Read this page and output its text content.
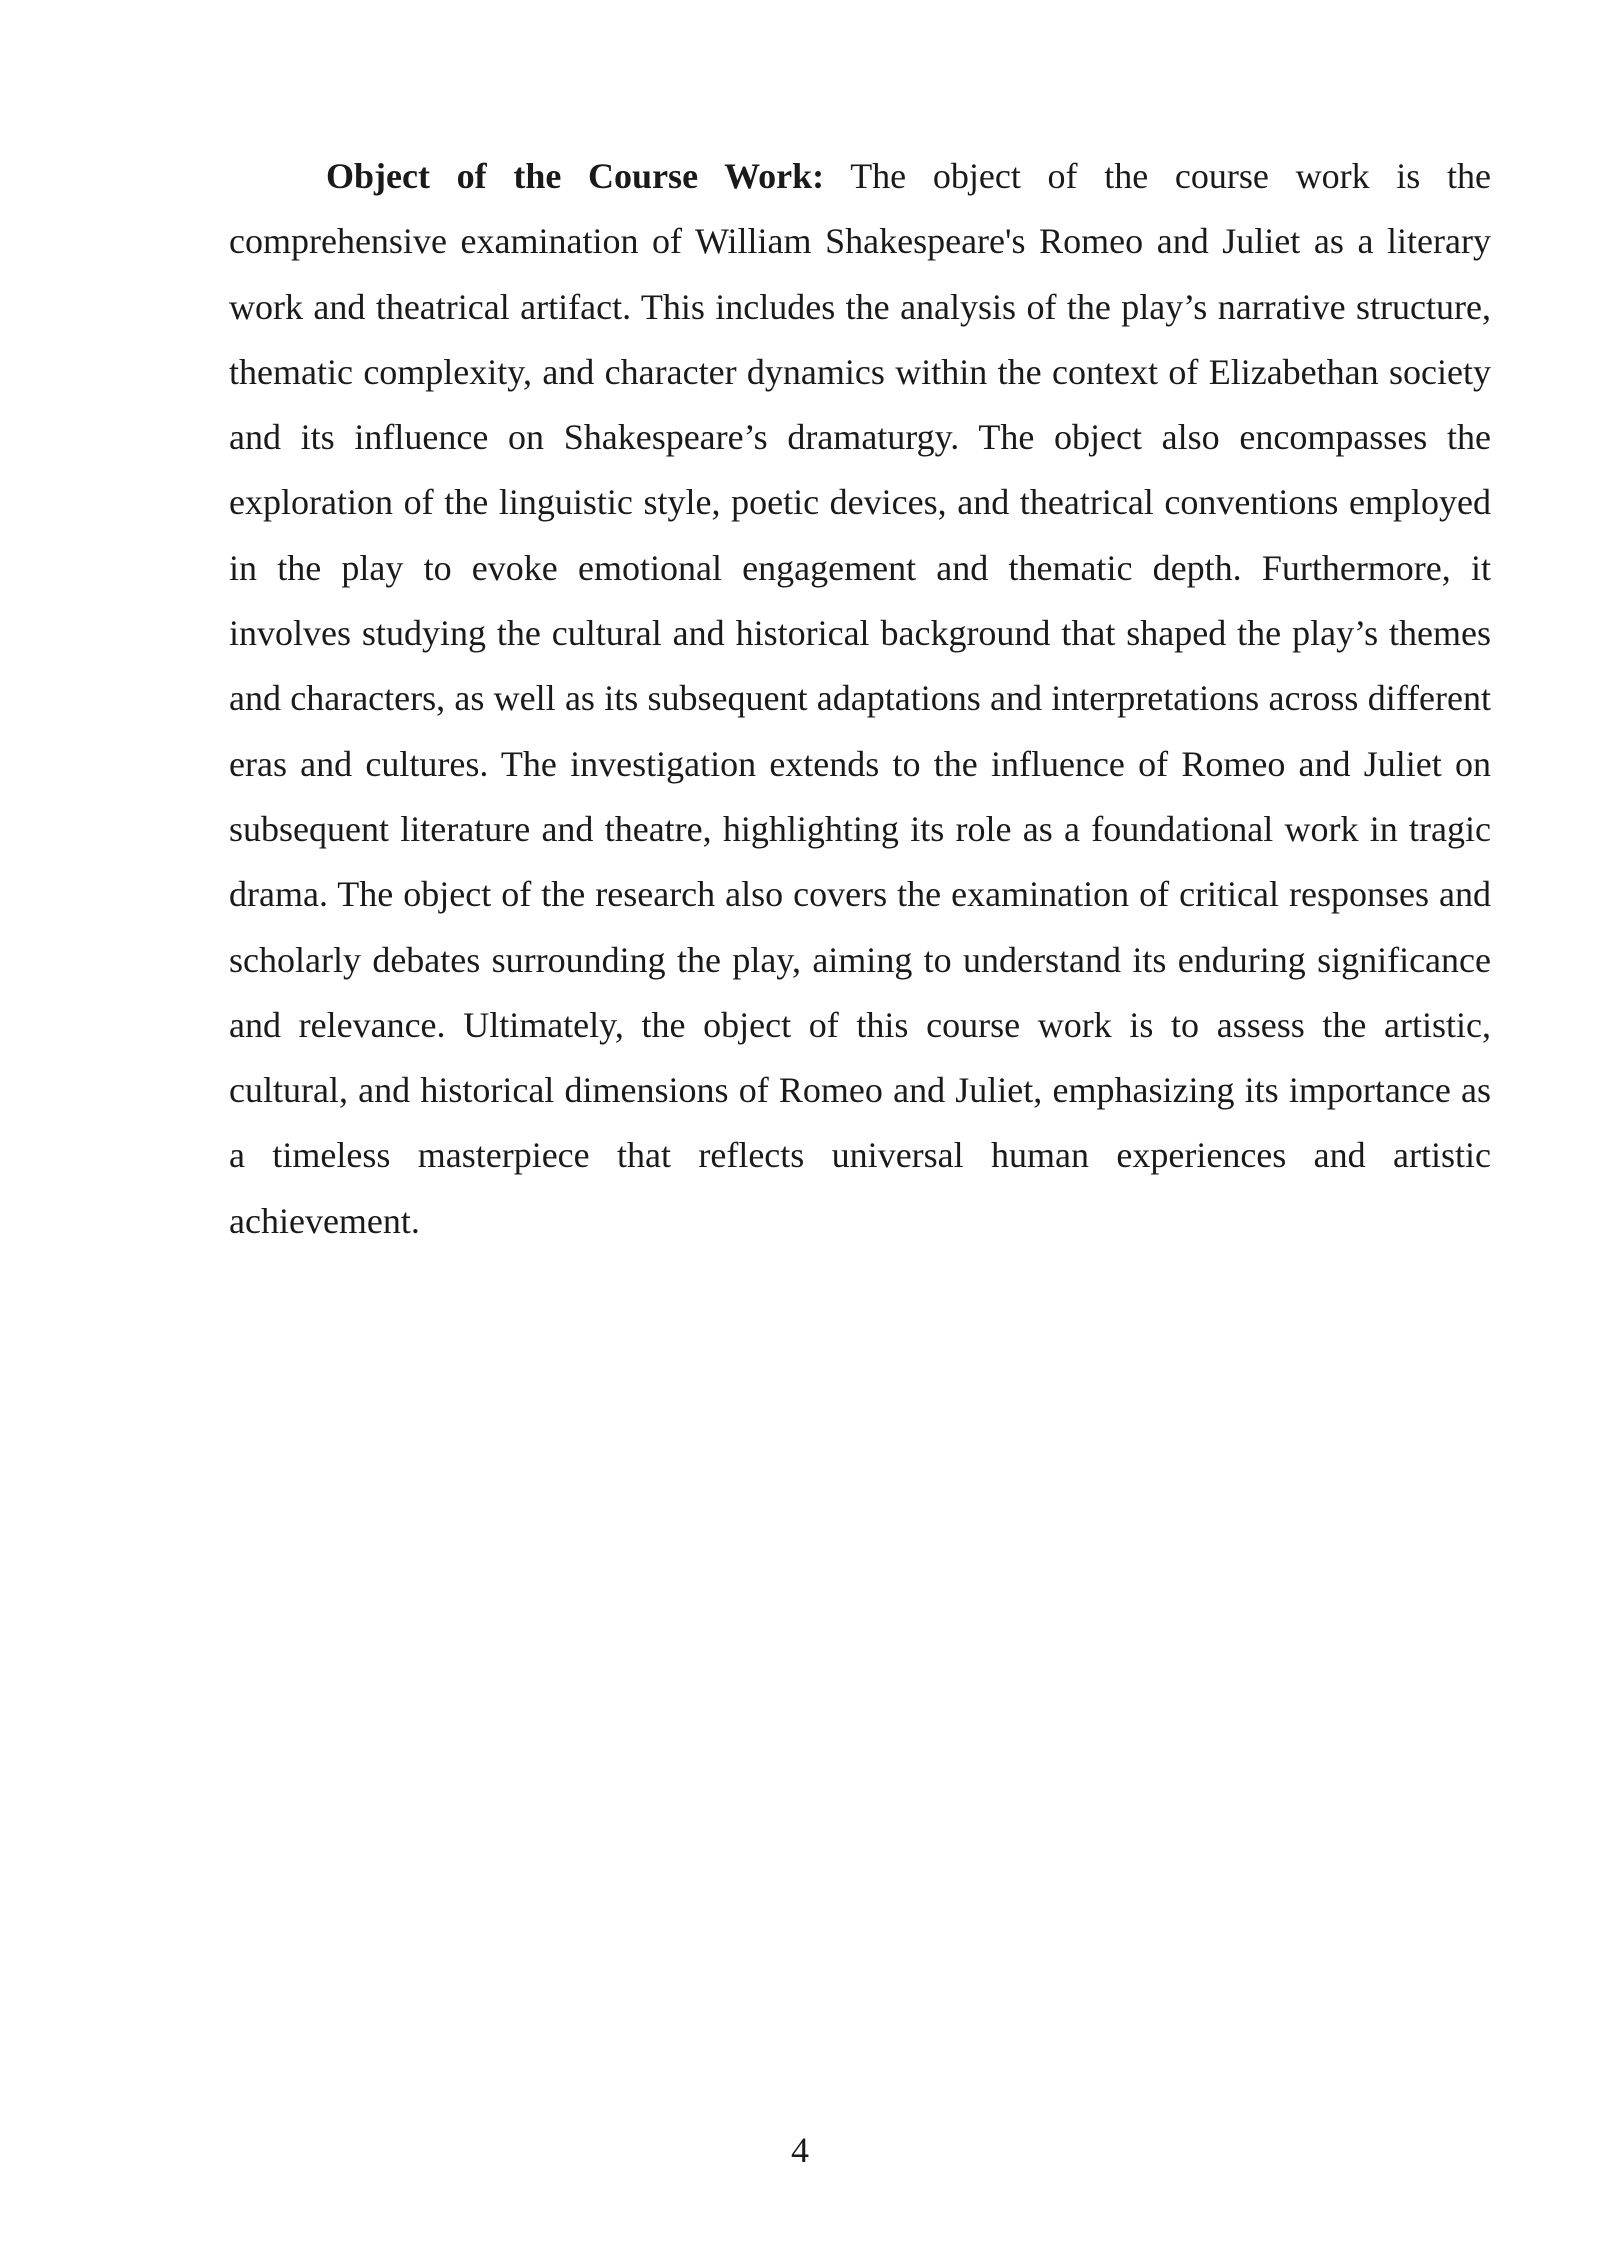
Object of the Course Work: The object of the course work is the comprehensive examination of William Shakespeare's Romeo and Juliet as a literary work and theatrical artifact. This includes the analysis of the play’s narrative structure, thematic complexity, and character dynamics within the context of Elizabethan society and its influence on Shakespeare’s dramaturgy. The object also encompasses the exploration of the linguistic style, poetic devices, and theatrical conventions employed in the play to evoke emotional engagement and thematic depth. Furthermore, it involves studying the cultural and historical background that shaped the play’s themes and characters, as well as its subsequent adaptations and interpretations across different eras and cultures. The investigation extends to the influence of Romeo and Juliet on subsequent literature and theatre, highlighting its role as a foundational work in tragic drama. The object of the research also covers the examination of critical responses and scholarly debates surrounding the play, aiming to understand its enduring significance and relevance. Ultimately, the object of this course work is to assess the artistic, cultural, and historical dimensions of Romeo and Juliet, emphasizing its importance as a timeless masterpiece that reflects universal human experiences and artistic achievement.

4
